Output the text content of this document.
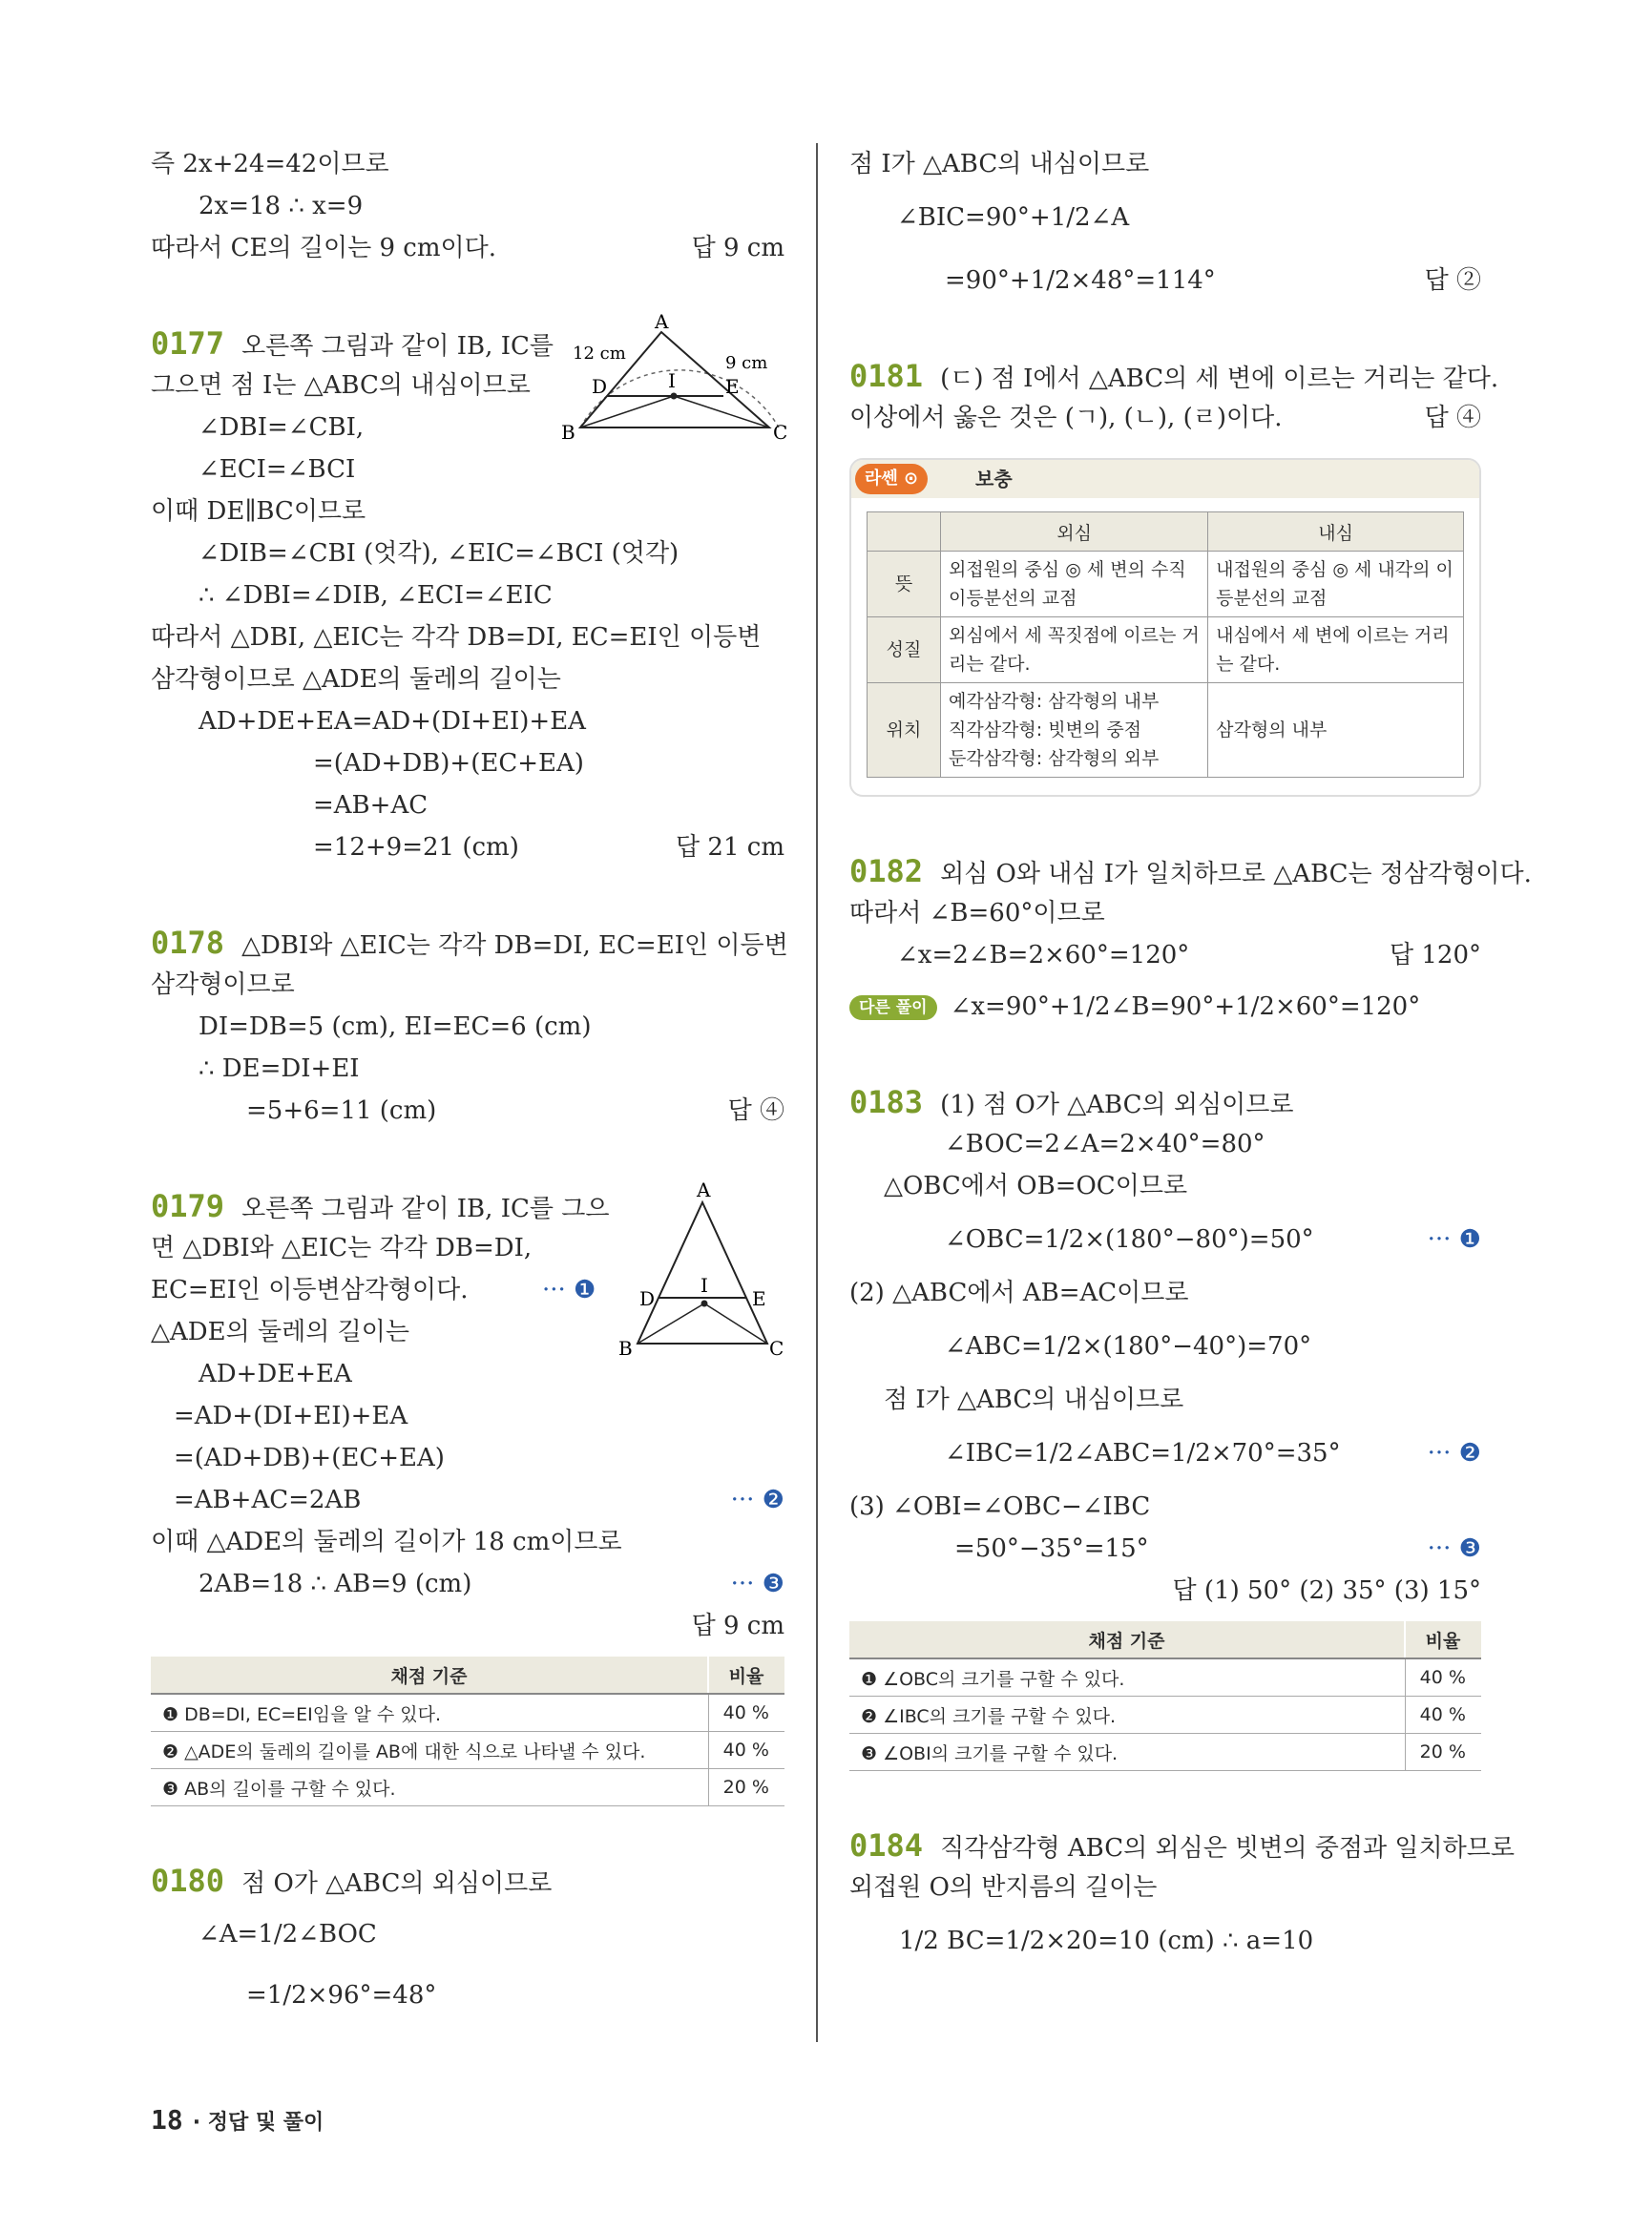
즉 2x+24=42이므로
2x=18 ∴ x=9
따라서 CE의 길이는 9 cm이다.	답 9 cm
0177 오른쪽 그림과 같이 IB, IC를
그으면 점 I는 △ABC의 내심이므로
∠DBI=∠CBI,
∠ECI=∠BCI
이때 DE∥BC이므로
∠DIB=∠CBI (엇각), ∠EIC=∠BCI (엇각)
∴ ∠DBI=∠DIB, ∠ECI=∠EIC
따라서 △DBI, △EIC는 각각 DB=DI, EC=EI인 이등변
삼각형이므로 △ADE의 둘레의 길이는
AD+DE+EA=AD+(DI+EI)+EA
=(AD+DB)+(EC+EA)
=AB+AC
=12+9=21 (cm)	답 21 cm
A
B	C
D	E
I
12 cm	9 cm
0178 △DBI와 △EIC는 각각 DB=DI, EC=EI인 이등변
삼각형이므로
DI=DB=5 (cm), EI=EC=6 (cm)
∴ DE=DI+EI
=5+6=11 (cm)	답 ④
0179 오른쪽 그림과 같이 IB, IC를 그으
면 △DBI와 △EIC는 각각 DB=DI,
EC=EI인 이등변삼각형이다.	··· ❶
△ADE의 둘레의 길이는
AD+DE+EA
=AD+(DI+EI)+EA
=(AD+DB)+(EC+EA)
=AB+AC=2AB	··· ❷
이때 △ADE의 둘레의 길이가 18 cm이므로
2AB=18 ∴ AB=9 (cm)	··· ❸
답 9 cm
채점 기준	비율
❶ DB=DI, EC=EI임을 알 수 있다.	40 %
❷ △ADE의 둘레의 길이를 AB에 대한 식으로 나타낼 수 있다.	40 %
❸ AB의 길이를 구할 수 있다.	20 %
A
B	C
D	E
I
0180 점 O가 △ABC의 외심이므로
∠A=1/2∠BOC
=1/2×96°=48°
점 I가 △ABC의 내심이므로
∠BIC=90°+1/2∠A
=90°+1/2×48°=114°	답 ②
0181 (ㄷ) 점 I에서 △ABC의 세 변에 이르는 거리는 같다.
이상에서 옳은 것은 (ㄱ), (ㄴ), (ㄹ)이다.	답 ④
라쎈 ⊙	보충
	외심	내심
뜻	외접원의 중심 ◎ 세 변의 수직이등분선의 교점	내접원의 중심 ◎ 세 내각의 이등분선의 교점
성질	외심에서 세 꼭짓점에 이르는 거리는 같다.	내심에서 세 변에 이르는 거리는 같다.
위치	예각삼각형: 삼각형의 내부
직각삼각형: 빗변의 중점
둔각삼각형: 삼각형의 외부	삼각형의 내부
0182 외심 O와 내심 I가 일치하므로 △ABC는 정삼각형이다.
따라서 ∠B=60°이므로
∠x=2∠B=2×60°=120°	답 120°
다른 풀이 ∠x=90°+1/2∠B=90°+1/2×60°=120°
0183 (1) 점 O가 △ABC의 외심이므로
∠BOC=2∠A=2×40°=80°
△OBC에서 OB=OC이므로
∠OBC=1/2×(180°−80°)=50°	··· ❶
(2) △ABC에서 AB=AC이므로
∠ABC=1/2×(180°−40°)=70°
점 I가 △ABC의 내심이므로
∠IBC=1/2∠ABC=1/2×70°=35°	··· ❷
(3) ∠OBI=∠OBC−∠IBC
=50°−35°=15°	··· ❸
답 (1) 50° (2) 35° (3) 15°
채점 기준	비율
❶ ∠OBC의 크기를 구할 수 있다.	40 %
❷ ∠IBC의 크기를 구할 수 있다.	40 %
❸ ∠OBI의 크기를 구할 수 있다.	20 %
0184 직각삼각형 ABC의 외심은 빗변의 중점과 일치하므로
외접원 O의 반지름의 길이는
1/2 BC=1/2×20=10 (cm) ∴ a=10
18 · 정답 및 풀이
